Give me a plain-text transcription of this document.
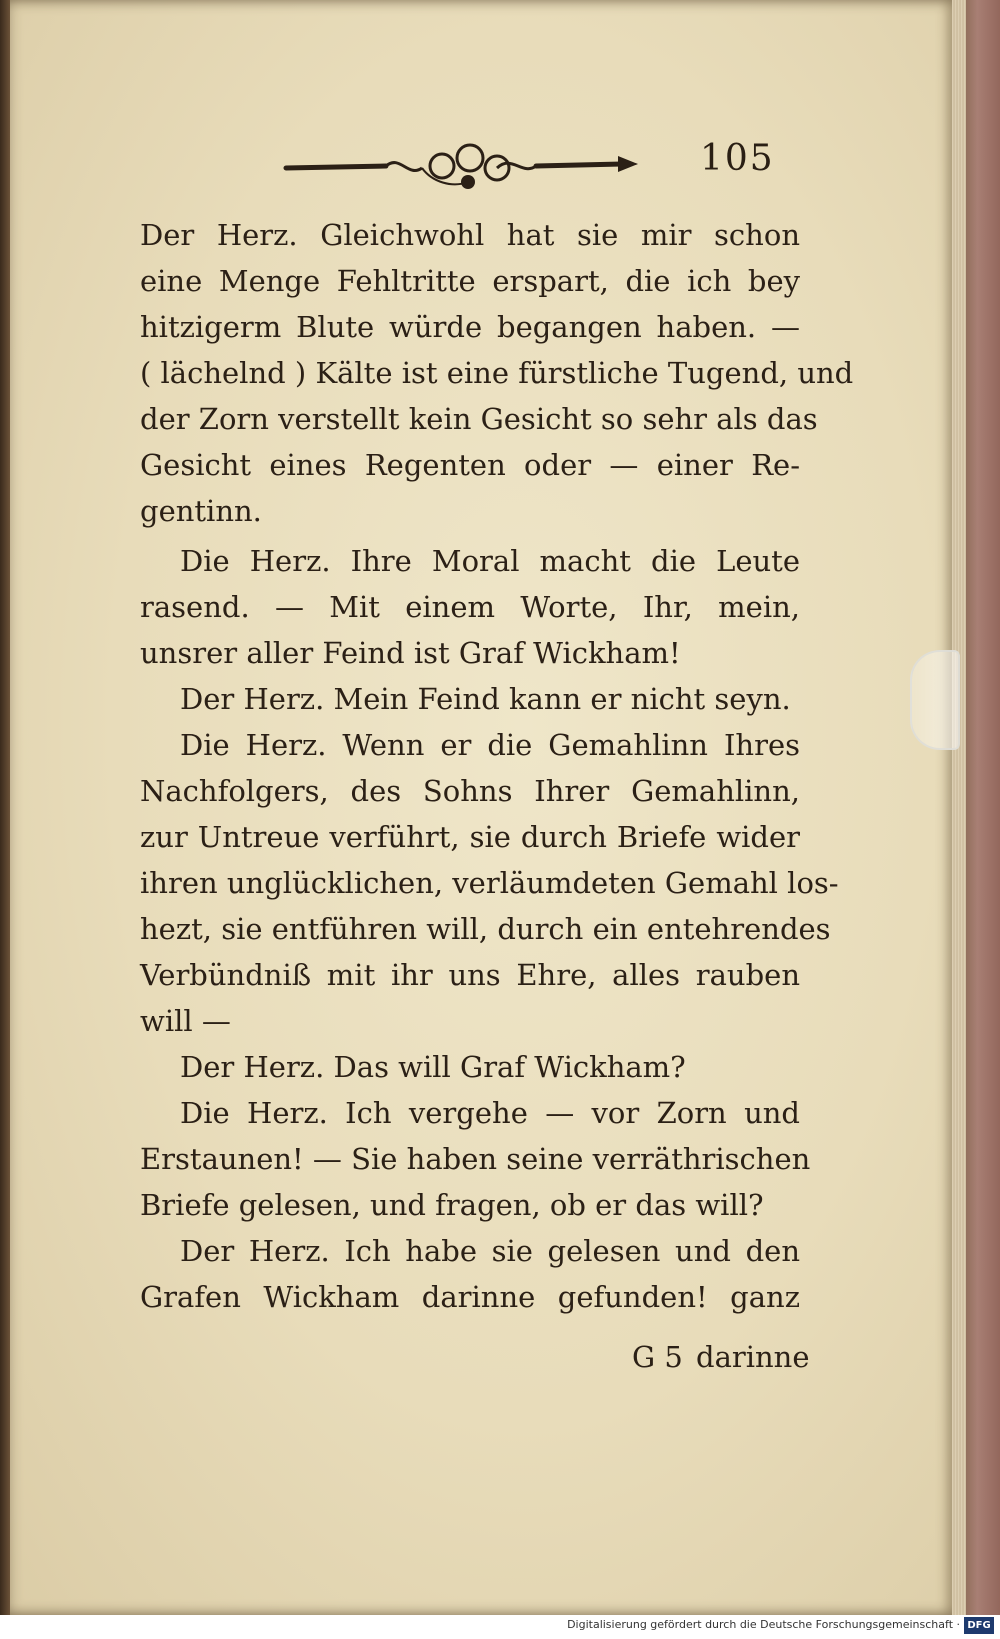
105
Der Herz. Gleichwohl hat sie mir schon
eine Menge Fehltritte erspart, die ich bey
hitzigerm Blute würde begangen haben. —
( lächelnd ) Kälte ist eine fürstliche Tugend, und
der Zorn verstellt kein Gesicht so sehr als das
Gesicht eines Regenten oder — einer Re-
gentinn.
Die Herz. Ihre Moral macht die Leute
rasend. — Mit einem Worte, Ihr, mein,
unsrer aller Feind ist Graf Wickham!
Der Herz. Mein Feind kann er nicht seyn.
Die Herz. Wenn er die Gemahlinn Ihres
Nachfolgers, des Sohns Ihrer Gemahlinn,
zur Untreue verführt, sie durch Briefe wider
ihren unglücklichen, verläumdeten Gemahl los-
hezt, sie entführen will, durch ein entehrendes
Verbündniß mit ihr uns Ehre, alles rauben
will —
Der Herz. Das will Graf Wickham?
Die Herz. Ich vergehe — vor Zorn und
Erstaunen! — Sie haben seine verräthrischen
Briefe gelesen, und fragen, ob er das will?
Der Herz. Ich habe sie gelesen und den
Grafen Wickham darinne gefunden! ganz
G 5 darinne
Digitalisierung gefördert durch die Deutsche Forschungsgemeinschaft · DFG
